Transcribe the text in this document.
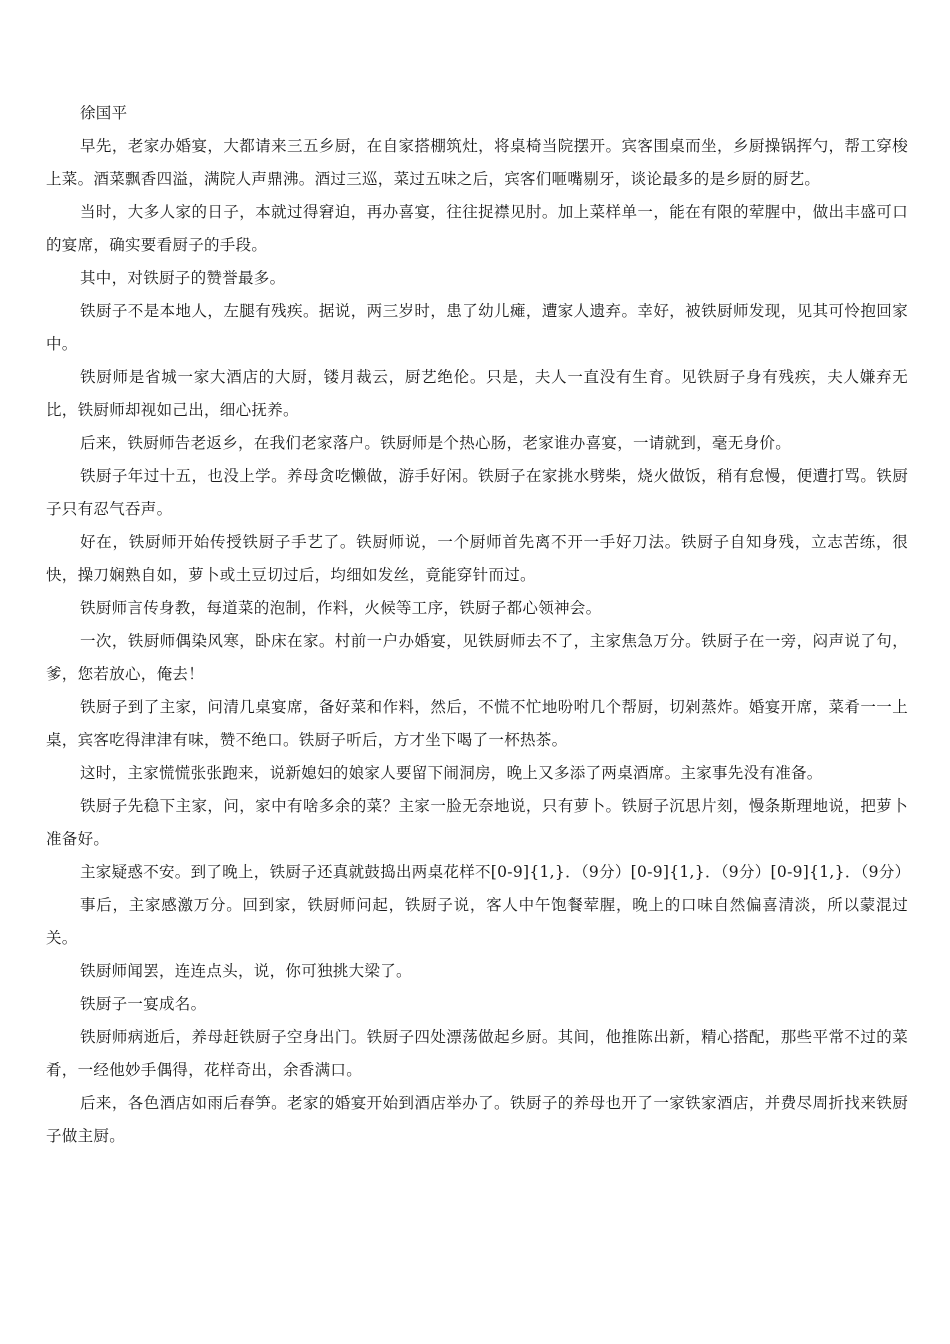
徐国平

早先，老家办婚宴，大都请来三五乡厨，在自家搭棚筑灶，将桌椅当院摆开。宾客围桌而坐，乡厨操锅挥勺，帮工穿梭上菜。酒菜飘香四溢，满院人声鼎沸。酒过三巡，菜过五味之后，宾客们咂嘴剔牙，谈论最多的是乡厨的厨艺。

当时，大多人家的日子，本就过得窘迫，再办喜宴，往往捉襟见肘。加上菜样单一，能在有限的荤腥中，做出丰盛可口的宴席，确实要看厨子的手段。

其中，对铁厨子的赞誉最多。

铁厨子不是本地人，左腿有残疾。据说，两三岁时，患了幼儿瘫，遭家人遗弃。幸好，被铁厨师发现，见其可怜抱回家中。

铁厨师是省城一家大酒店的大厨，镂月裁云，厨艺绝伦。只是，夫人一直没有生育。见铁厨子身有残疾，夫人嫌弃无比，铁厨师却视如己出，细心抚养。

后来，铁厨师告老返乡，在我们老家落户。铁厨师是个热心肠，老家谁办喜宴，一请就到，毫无身价。

铁厨子年过十五，也没上学。养母贪吃懒做，游手好闲。铁厨子在家挑水劈柴，烧火做饭，稍有怠慢，便遭打骂。铁厨子只有忍气吞声。

好在，铁厨师开始传授铁厨子手艺了。铁厨师说，一个厨师首先离不开一手好刀法。铁厨子自知身残，立志苦练，很快，操刀娴熟自如，萝卜或土豆切过后，均细如发丝，竟能穿针而过。

铁厨师言传身教，每道菜的泡制，作料，火候等工序，铁厨子都心领神会。

一次，铁厨师偶染风寒，卧床在家。村前一户办婚宴，见铁厨师去不了，主家焦急万分。铁厨子在一旁，闷声说了句，爹，您若放心，俺去！

铁厨子到了主家，问清几桌宴席，备好菜和作料，然后，不慌不忙地吩咐几个帮厨，切剁蒸炸。婚宴开席，菜肴一一上桌，宾客吃得津津有味，赞不绝口。铁厨子听后，方才坐下喝了一杯热茶。

这时，主家慌慌张张跑来，说新媳妇的娘家人要留下闹洞房，晚上又多添了两桌酒席。主家事先没有准备。

铁厨子先稳下主家，问，家中有啥多余的菜？主家一脸无奈地说，只有萝卜。铁厨子沉思片刻，慢条斯理地说，把萝卜准备好。

主家疑惑不安。到了晚上，铁厨子还真就鼓捣出两桌花样不[0-9]{1,}．（9分）[0-9]{1,}．（9分）[0-9]{1,}．（9分）

事后，主家感激万分。回到家，铁厨师问起，铁厨子说，客人中午饱餐荤腥，晚上的口味自然偏喜清淡，所以蒙混过关。

铁厨师闻罢，连连点头，说，你可独挑大梁了。

铁厨子一宴成名。

铁厨师病逝后，养母赶铁厨子空身出门。铁厨子四处漂荡做起乡厨。其间，他推陈出新，精心搭配，那些平常不过的菜肴，一经他妙手偶得，花样奇出，余香满口。

后来，各色酒店如雨后春笋。老家的婚宴开始到酒店举办了。铁厨子的养母也开了一家铁家酒店，并费尽周折找来铁厨子做主厨。
